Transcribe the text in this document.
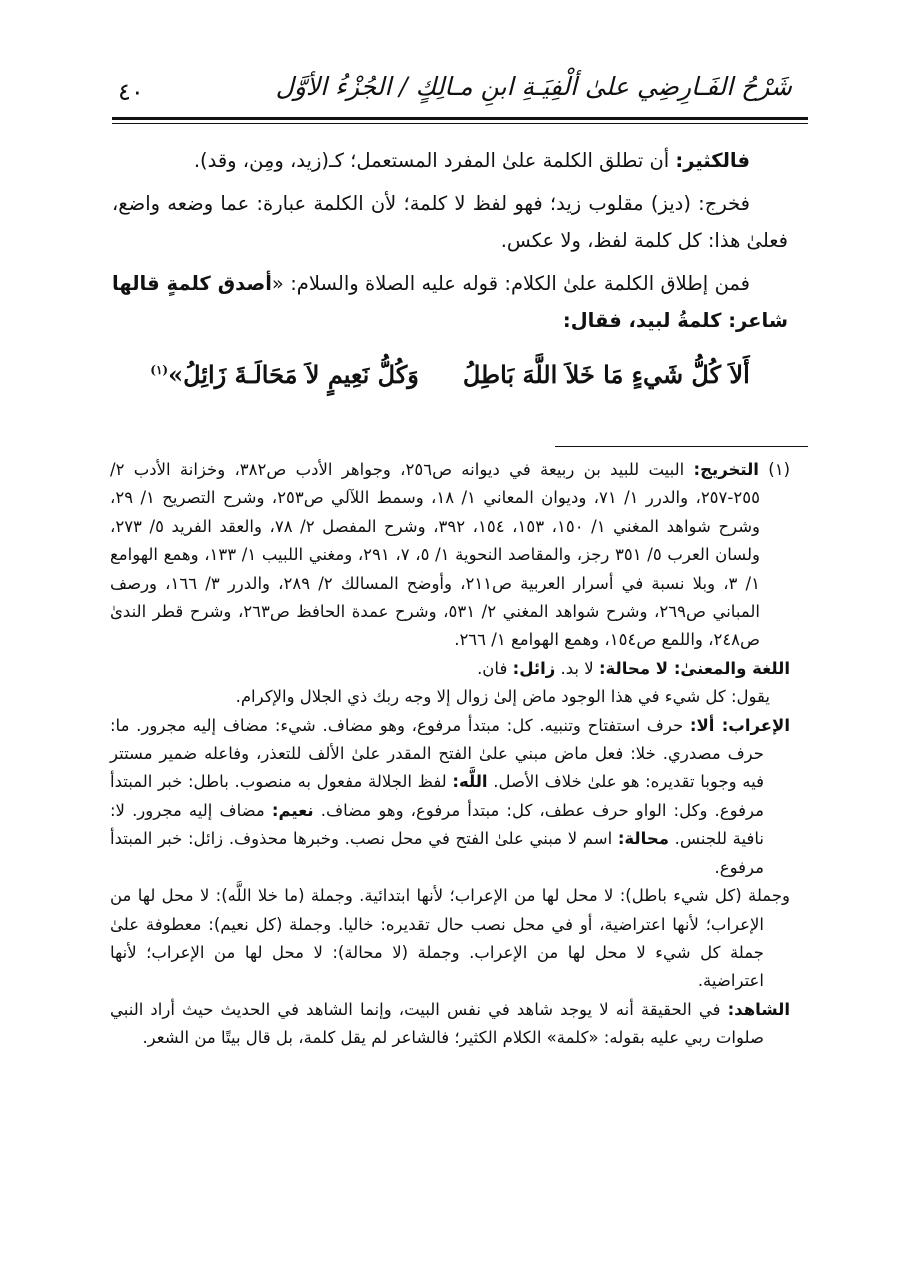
شَرْحُ الفَـارِضِي علىٰ ألْفِيَـةِ ابنِ مـالِكٍ / الجُزْءُ الأوَّل
٤٠

فالكثير: أن تطلق الكلمة علىٰ المفرد المستعمل؛ كـ(زيد، ومِن، وقد).

فخرج: (ديز) مقلوب زيد؛ فهو لفظ لا كلمة؛ لأن الكلمة عبارة: عما وضعه واضع، فعلىٰ هذا: كل كلمة لفظ، ولا عكس.

فمن إطلاق الكلمة علىٰ الكلام: قوله عليه الصلاة والسلام: «أصدق كلمةٍ قالها شاعر: كلمةُ لبيد، فقال:

أَلاَ كُلُّ شَيءٍ مَا خَلاَ اللَّهَ بَاطِلُوَكُلُّ نَعِيمٍ لاَ مَحَالَـةَ زَائِلُ»$^{(١)}$

(١) التخريج: البيت للبيد بن ربيعة في ديوانه ص٢٥٦، وجواهر الأدب ص٣٨٢، وخزانة الأدب ٢/ ٢٥٥-٢٥٧، والدرر ١/ ٧١، وديوان المعاني ١/ ١٨، وسمط اللآلي ص٢٥٣، وشرح التصريح ١/ ٢٩، وشرح شواهد المغني ١/ ١٥٠، ١٥٣، ١٥٤، ٣٩٢، وشرح المفصل ٢/ ٧٨، والعقد الفريد ٥/ ٢٧٣، ولسان العرب ٥/ ٣٥١ رجز، والمقاصد النحوية ١/ ٥، ٧، ٢٩١، ومغني اللبيب ١/ ١٣٣، وهمع الهوامع ١/ ٣، وبلا نسبة في أسرار العربية ص٢١١، وأوضح المسالك ٢/ ٢٨٩، والدرر ٣/ ١٦٦، ورصف المباني ص٢٦٩، وشرح شواهد المغني ٢/ ٥٣١، وشرح عمدة الحافظ ص٢٦٣، وشرح قطر الندىٰ ص٢٤٨، واللمع ص١٥٤، وهمع الهوامع ١/ ٢٦٦.

اللغة والمعنىٰ: لا محالة: لا بد. زائل: فان.

يقول: كل شيء في هذا الوجود ماض إلىٰ زوال إلا وجه ربك ذي الجلال والإكرام.

الإعراب: ألا: حرف استفتاح وتنبيه. كل: مبتدأ مرفوع، وهو مضاف. شيء: مضاف إليه مجرور. ما: حرف مصدري. خلا: فعل ماض مبني علىٰ الفتح المقدر علىٰ الألف للتعذر، وفاعله ضمير مستتر فيه وجوبا تقديره: هو علىٰ خلاف الأصل. اللَّه: لفظ الجلالة مفعول به منصوب. باطل: خبر المبتدأ مرفوع. وكل: الواو حرف عطف، كل: مبتدأ مرفوع، وهو مضاف. نعيم: مضاف إليه مجرور. لا: نافية للجنس. محالة: اسم لا مبني علىٰ الفتح في محل نصب. وخبرها محذوف. زائل: خبر المبتدأ مرفوع.

وجملة (كل شيء باطل): لا محل لها من الإعراب؛ لأنها ابتدائية. وجملة (ما خلا اللَّه): لا محل لها من الإعراب؛ لأنها اعتراضية، أو في محل نصب حال تقديره: خاليا. وجملة (كل نعيم): معطوفة علىٰ جملة كل شيء لا محل لها من الإعراب. وجملة (لا محالة): لا محل لها من الإعراب؛ لأنها اعتراضية.

الشاهد: في الحقيقة أنه لا يوجد شاهد في نفس البيت، وإنما الشاهد في الحديث حيث أراد النبي صلوات ربي عليه بقوله: «كلمة» الكلام الكثير؛ فالشاعر لم يقل كلمة، بل قال بيتًا من الشعر.
